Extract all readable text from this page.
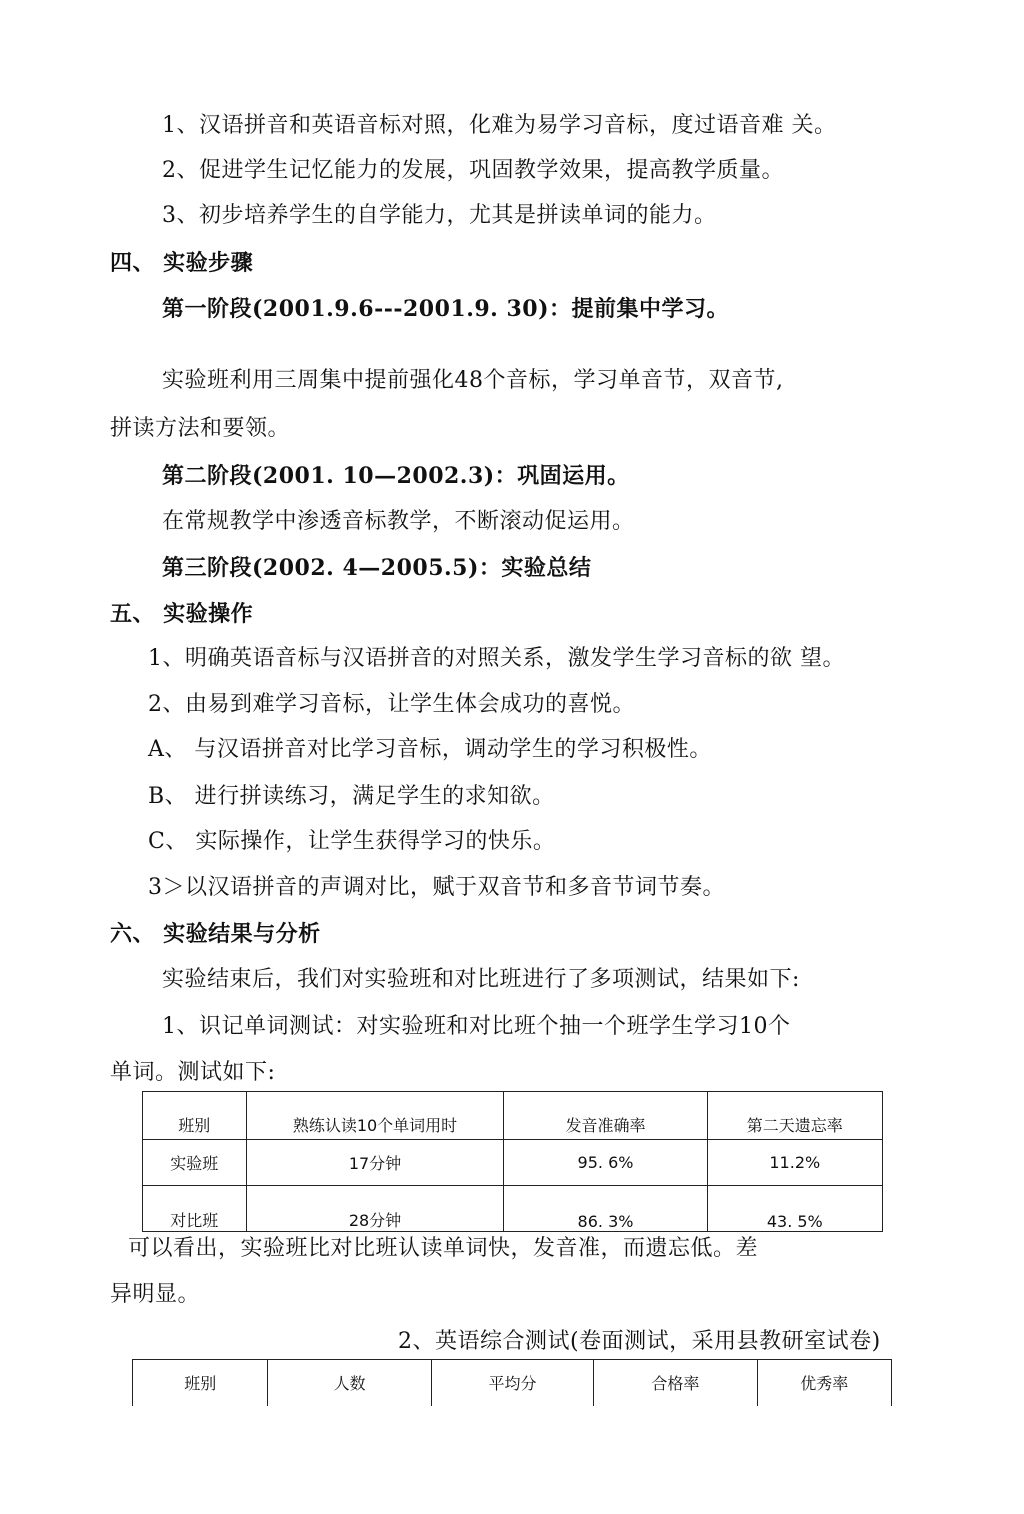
1、汉语拼音和英语音标对照，化难为易学习音标，度过语音难 关。
2、促进学生记忆能力的发展，巩固教学效果，提高教学质量。
3、初步培养学生的自学能力，尤其是拼读单词的能力。
四、 实验步骤
第一阶段(2001.9.6---2001.9. 30)：提前集中学习。
实验班利用三周集中提前强化48个音标，学习单音节，双音节,
拼读方法和要领。
第二阶段(2001. 10—2002.3)：巩固运用。
在常规教学中渗透音标教学，不断滚动促运用。
第三阶段(2002. 4—2005.5)：实验总结
五、 实验操作
1、明确英语音标与汉语拼音的对照关系，激发学生学习音标的欲 望。
2、由易到难学习音标，让学生体会成功的喜悦。
A、 与汉语拼音对比学习音标，调动学生的学习积极性。
B、 进行拼读练习，满足学生的求知欲。
C、 实际操作，让学生获得学习的快乐。
3＞以汉语拼音的声调对比，赋于双音节和多音节词节奏。
六、 实验结果与分析
实验结束后，我们对实验班和对比班进行了多项测试，结果如下:
1、识记单词测试：对实验班和对比班个抽一个班学生学习10个
单词。测试如下:
班别	熟练认读10个单词用时	发音准确率	第二天遗忘率
实验班	17分钟	95. 6%	11.2%
对比班	28分钟	86. 3%	43. 5%
可以看出，实验班比对比班认读单词快，发音准，而遗忘低。差
异明显。
2、英语综合测试(卷面测试，采用县教研室试卷)
班别	人数	平均分	合格率	优秀率
